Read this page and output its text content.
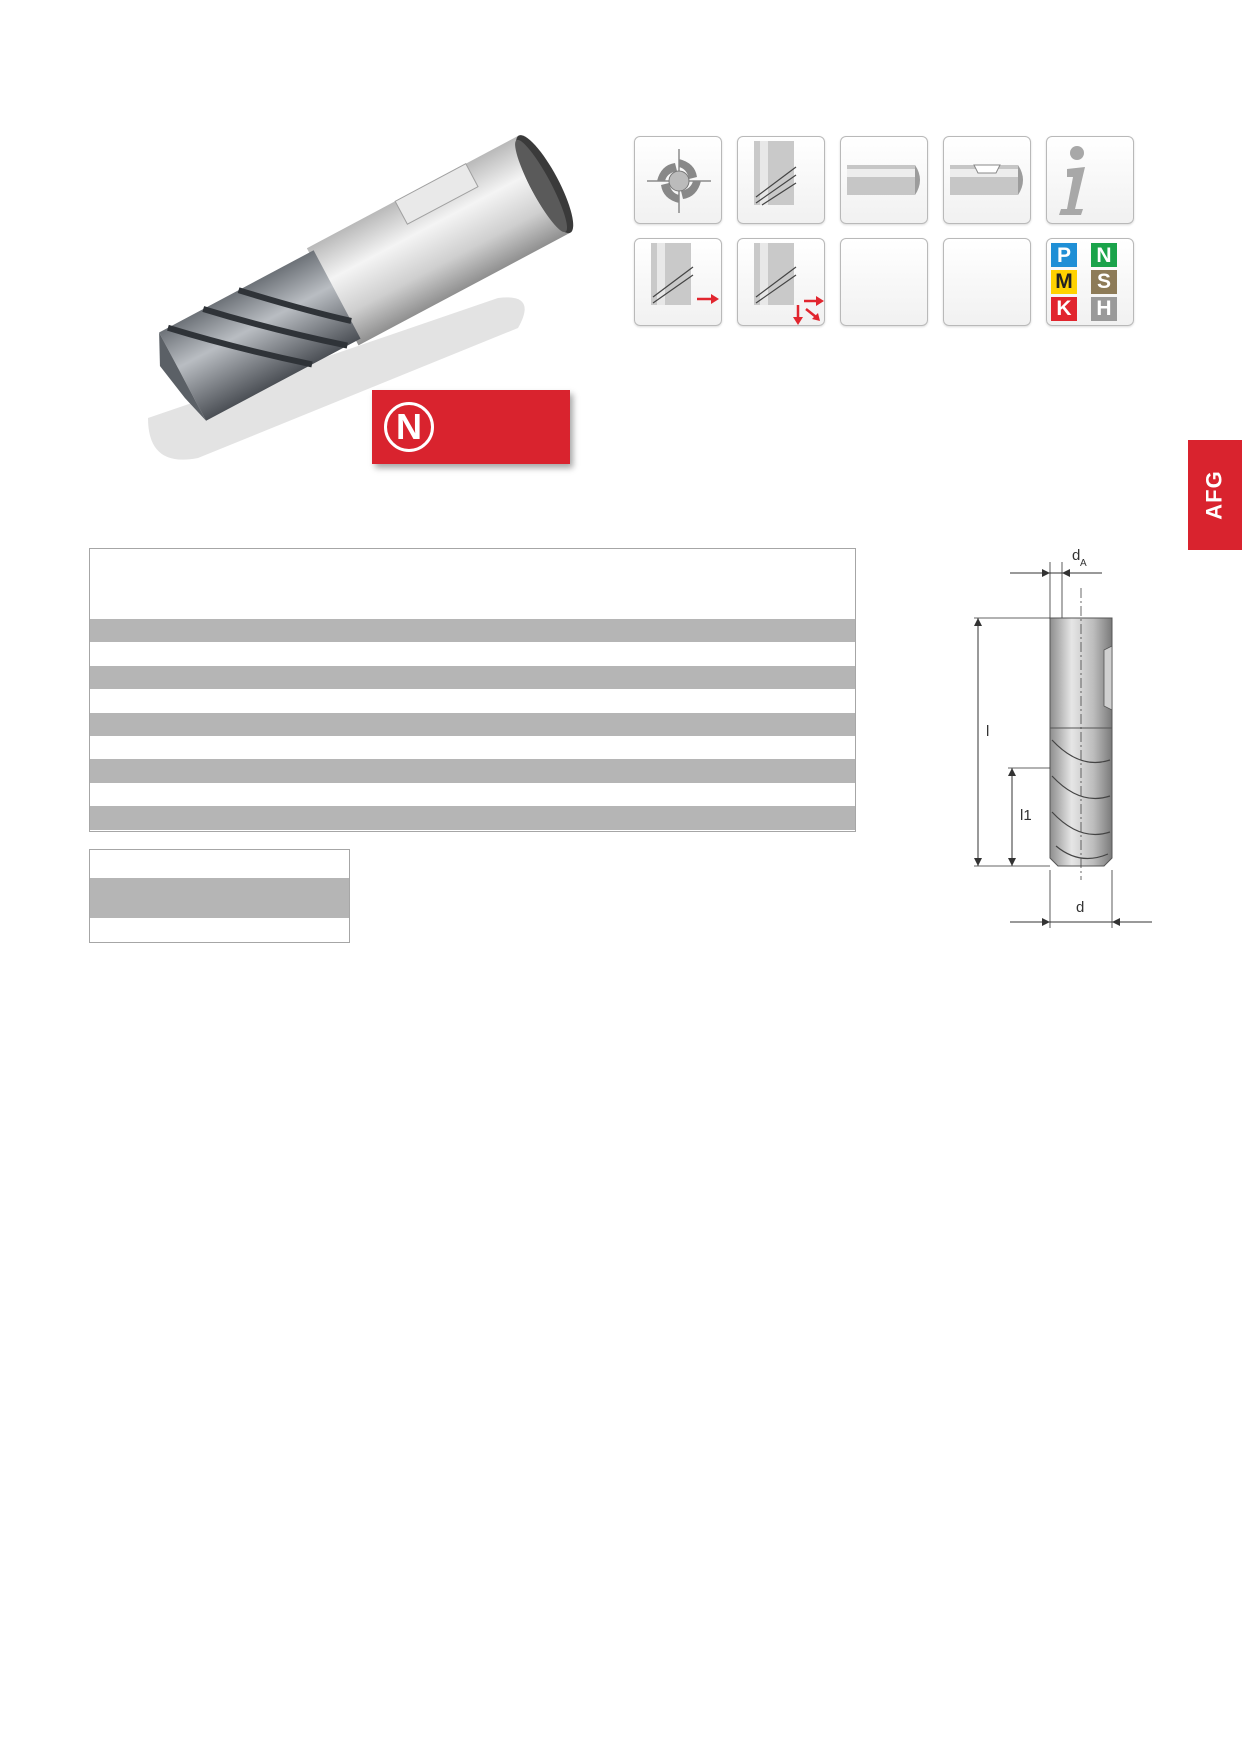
N
P N
M S
K H
AFG
d A
l
l1
d
